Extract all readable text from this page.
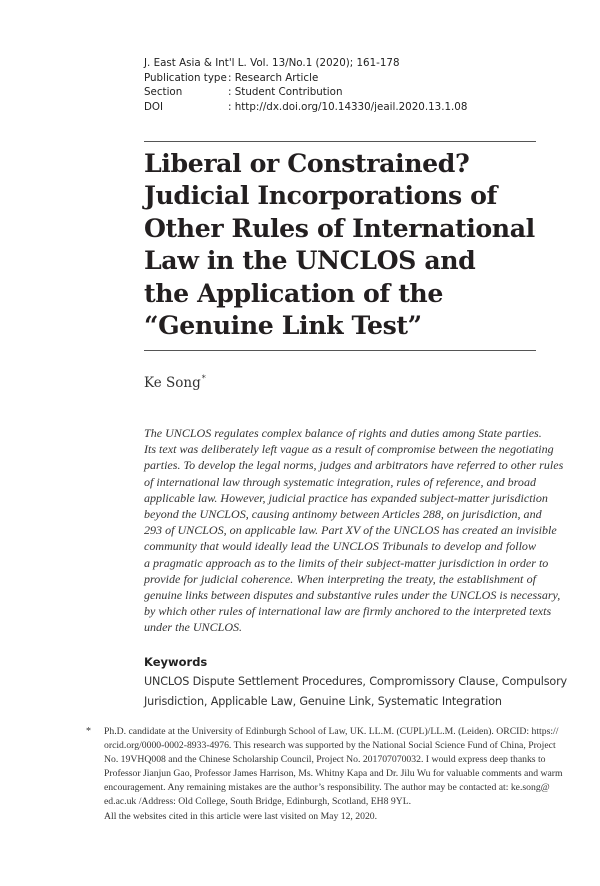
J. East Asia & Int'l L. Vol. 13/No.1 (2020); 161-178
Publication type : Research Article
Section	: Student Contribution
DOI	: http://dx.doi.org/10.14330/jeail.2020.13.1.08
Liberal or Constrained?
Judicial Incorporations of
Other Rules of International
Law in the UNCLOS and
the Application of the
“Genuine Link Test”
Ke Song*
The UNCLOS regulates complex balance of rights and duties among State parties.
Its text was deliberately left vague as a result of compromise between the negotiating
parties. To develop the legal norms, judges and arbitrators have referred to other rules
of international law through systematic integration, rules of reference, and broad
applicable law. However, judicial practice has expanded subject-matter jurisdiction
beyond the UNCLOS, causing antinomy between Articles 288, on jurisdiction, and
293 of UNCLOS, on applicable law. Part XV of the UNCLOS has created an invisible
community that would ideally lead the UNCLOS Tribunals to develop and follow
a pragmatic approach as to the limits of their subject-matter jurisdiction in order to
provide for judicial coherence. When interpreting the treaty, the establishment of
genuine links between disputes and substantive rules under the UNCLOS is necessary,
by which other rules of international law are firmly anchored to the interpreted texts
under the UNCLOS.
Keywords
UNCLOS Dispute Settlement Procedures, Compromissory Clause, Compulsory
Jurisdiction, Applicable Law, Genuine Link, Systematic Integration
* Ph.D. candidate at the University of Edinburgh School of Law, UK. LL.M. (CUPL)/LL.M. (Leiden). ORCID: https://
orcid.org/0000-0002-8933-4976. This research was supported by the National Social Science Fund of China, Project
No. 19VHQ008 and the Chinese Scholarship Council, Project No. 201707070032. I would express deep thanks to
Professor Jianjun Gao, Professor James Harrison, Ms. Whitny Kapa and Dr. Jilu Wu for valuable comments and warm
encouragement. Any remaining mistakes are the author’s responsibility. The author may be contacted at: ke.song@
ed.ac.uk /Address: Old College, South Bridge, Edinburgh, Scotland, EH8 9YL.
All the websites cited in this article were last visited on May 12, 2020.
